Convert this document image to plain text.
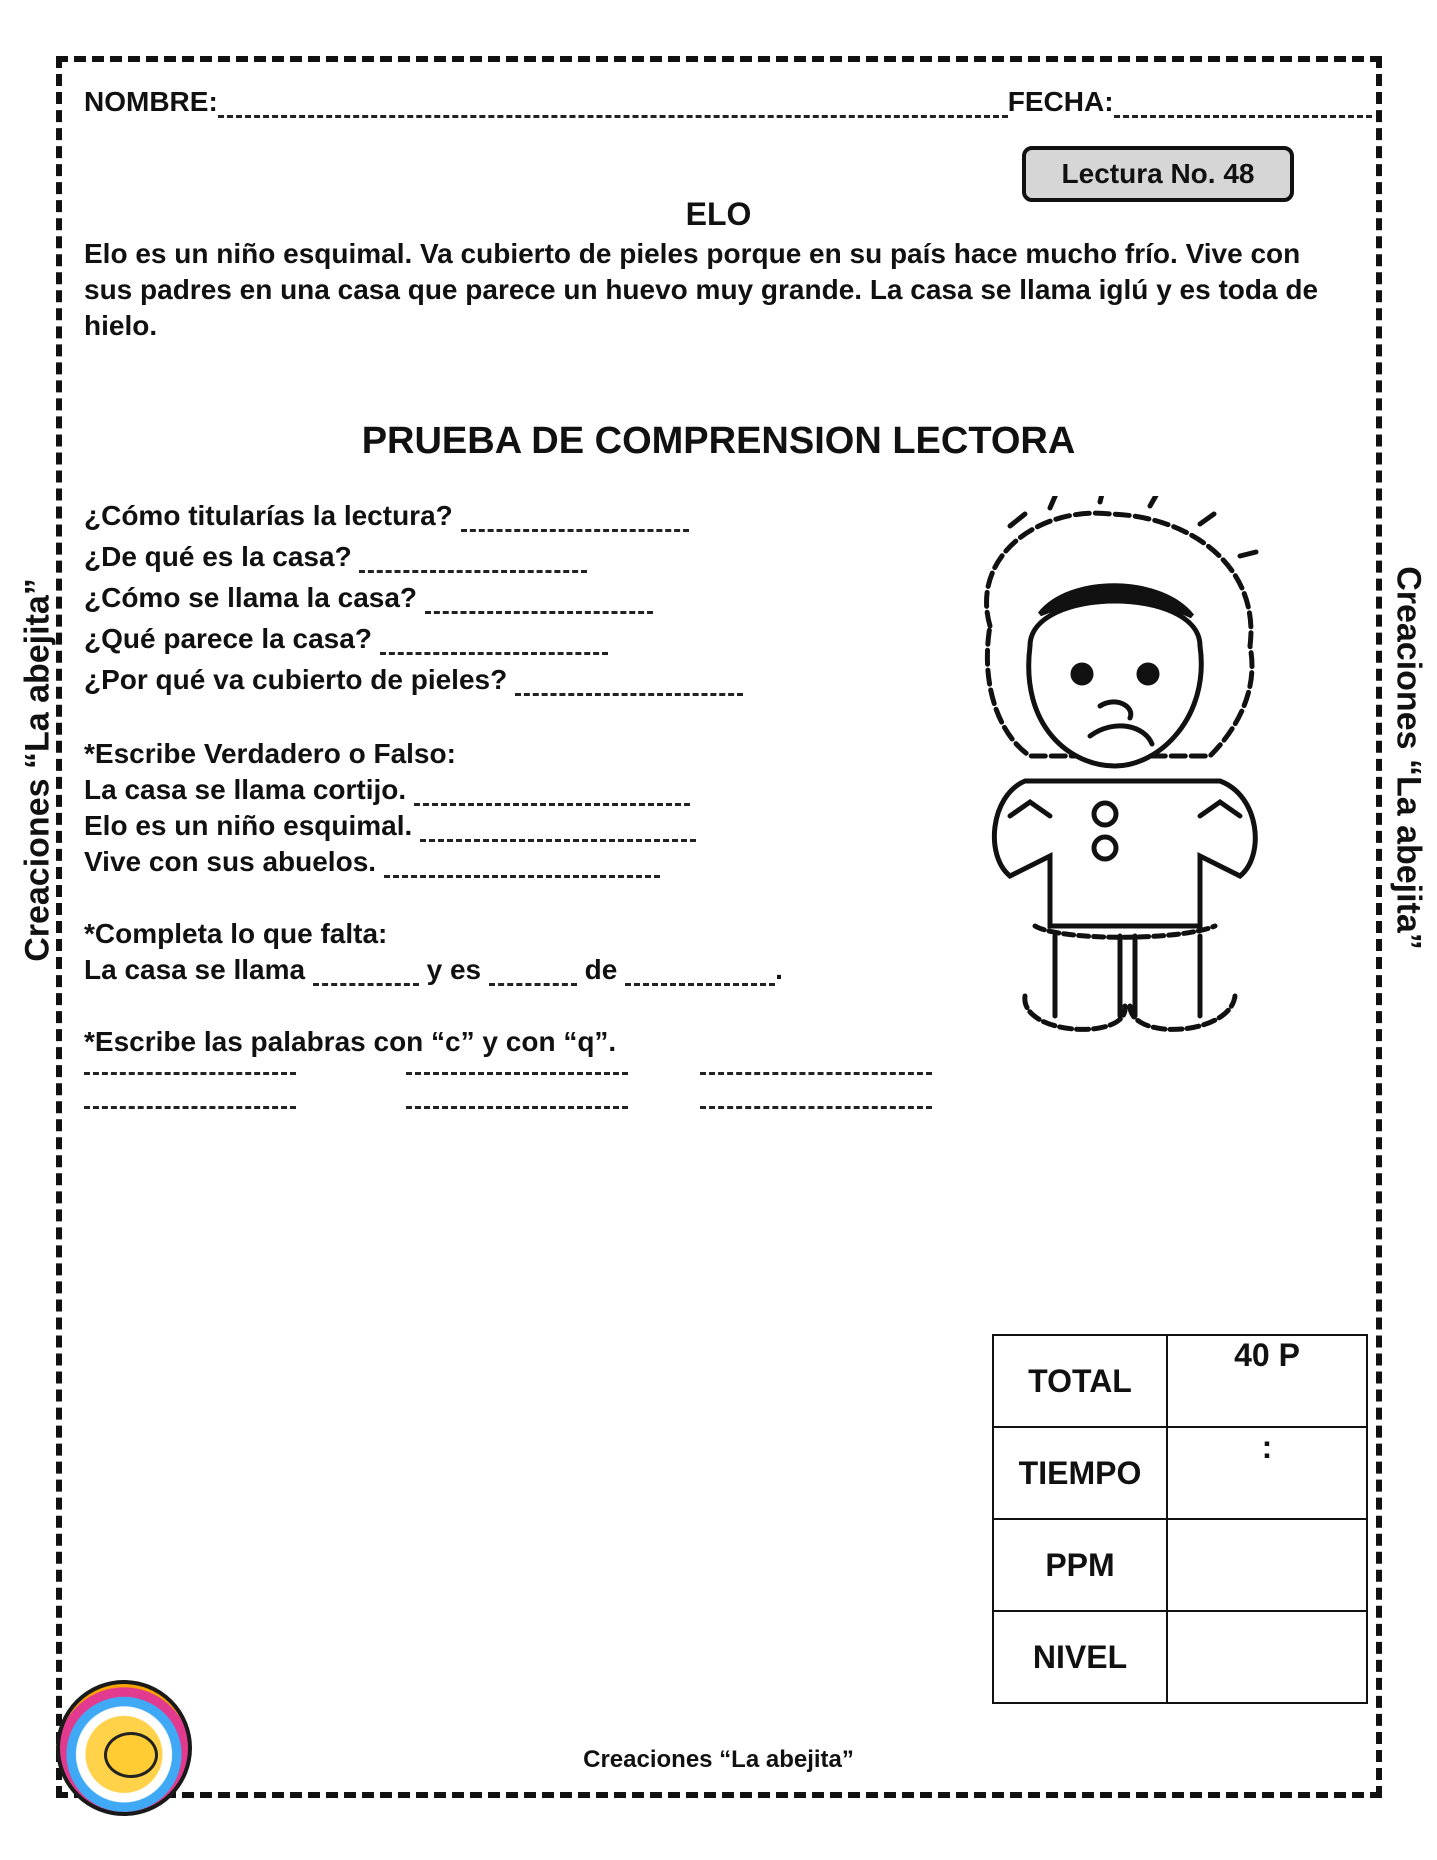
NOMBRE:	FECHA:
Lectura No. 48
ELO
Elo es un niño esquimal. Va cubierto de pieles porque en su país hace mucho frío. Vive con sus padres en una casa que parece un huevo muy grande. La casa se llama iglú y es toda de hielo.
PRUEBA DE COMPRENSION LECTORA
¿Cómo titularías la lectura?
¿De qué es la casa?
¿Cómo se llama la casa?
¿Qué parece la casa?
¿Por qué va cubierto de pieles?
*Escribe Verdadero o Falso:
La casa se llama cortijo.
Elo es un niño esquimal.
Vive con sus abuelos.
*Completa lo que falta:
La casa se llama	y es	de	.
*Escribe las palabras con “c” y con “q”.
Creaciones “La abejita”	Creaciones “La abejita”
TOTAL	40 P
TIEMPO	:
PPM	
NIVEL	
Creaciones “La abejita”
